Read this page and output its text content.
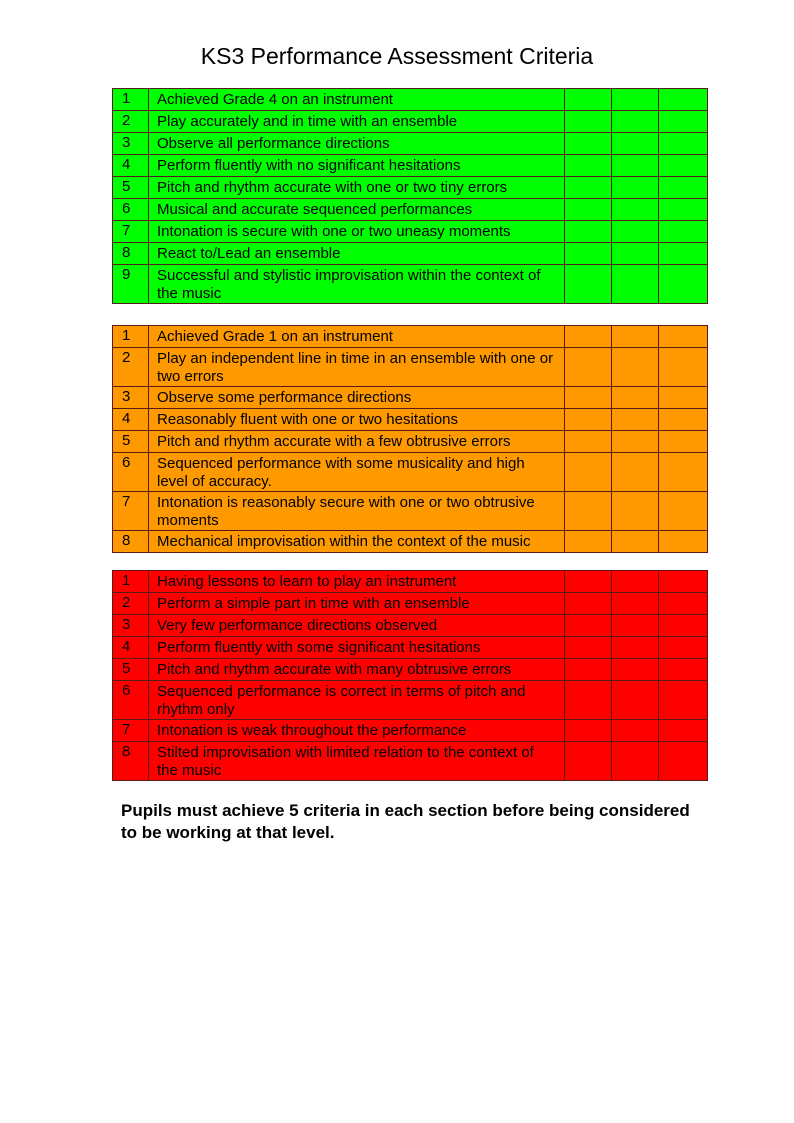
KS3 Performance Assessment Criteria
1	Achieved Grade 4 on an instrument			
2	Play accurately and in time with an ensemble			
3	Observe all performance directions			
4	Perform fluently with no significant hesitations			
5	Pitch and rhythm accurate with one or two tiny errors			
6	Musical and accurate sequenced performances			
7	Intonation is secure with one or two uneasy moments			
8	React to/Lead an ensemble			
9	Successful and stylistic improvisation within the context of the music			
1	Achieved Grade 1 on an instrument			
2	Play an independent line in time in an ensemble with one or two errors			
3	Observe some performance directions			
4	Reasonably fluent with one or two hesitations			
5	Pitch and rhythm accurate with a few obtrusive errors			
6	Sequenced performance with some musicality and high level of accuracy.			
7	Intonation is reasonably secure with one or two obtrusive moments			
8	Mechanical improvisation within the context of the music			
1	Having lessons to learn to play an instrument			
2	Perform a simple part in time with an ensemble			
3	Very few performance directions observed			
4	Perform fluently with some significant hesitations			
5	Pitch and rhythm accurate with many obtrusive errors			
6	Sequenced performance is correct in terms of pitch and rhythm only			
7	Intonation is weak throughout the performance			
8	Stilted improvisation with limited relation to the context of the music			
Pupils must achieve 5 criteria in each section before being considered to be working at that level.
